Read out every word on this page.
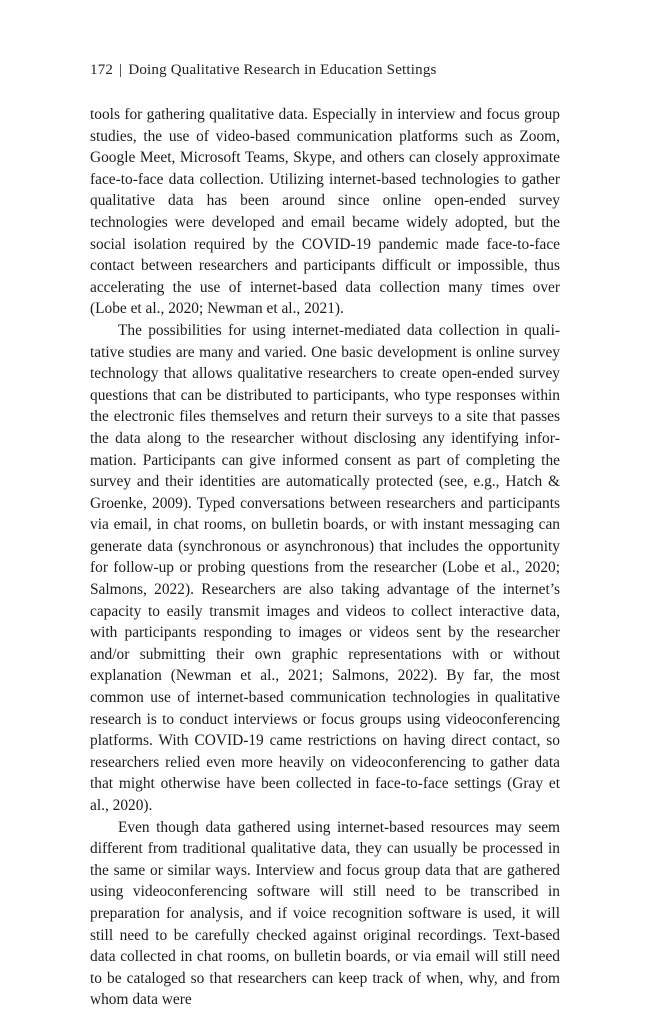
172 | Doing Qualitative Research in Education Settings

tools for gathering qualitative data. Especially in interview and focus group studies, the use of video-based communication platforms such as Zoom, Google Meet, Microsoft Teams, Skype, and others can closely approximate face-to-face data collection. Utilizing internet-based technologies to gather qualitative data has been around since online open-ended survey technologies were developed and email became widely adopted, but the social isolation required by the COVID-19 pandemic made face-to-face contact between researchers and participants difficult or impossible, thus accelerating the use of internet-based data collection many times over (Lobe et al., 2020; Newman et al., 2021).

The possibilities for using internet-mediated data collection in qualitative studies are many and varied. One basic development is online survey technology that allows qualitative researchers to create open-ended survey questions that can be distributed to participants, who type responses within the electronic files themselves and return their surveys to a site that passes the data along to the researcher without disclosing any identifying information. Participants can give informed consent as part of completing the survey and their identities are automatically protected (see, e.g., Hatch & Groenke, 2009). Typed conversations between researchers and participants via email, in chat rooms, on bulletin boards, or with instant messaging can generate data (synchronous or asynchronous) that includes the opportunity for follow-up or probing questions from the researcher (Lobe et al., 2020; Salmons, 2022). Researchers are also taking advantage of the internet’s capacity to easily transmit images and videos to collect interactive data, with participants responding to images or videos sent by the researcher and/or submitting their own graphic representations with or without explanation (Newman et al., 2021; Salmons, 2022). By far, the most common use of internet-based communication technologies in qualitative research is to conduct interviews or focus groups using videoconferencing platforms. With COVID-19 came restrictions on having direct contact, so researchers relied even more heavily on videoconferencing to gather data that might otherwise have been collected in face-to-face settings (Gray et al., 2020).

Even though data gathered using internet-based resources may seem different from traditional qualitative data, they can usually be processed in the same or similar ways. Interview and focus group data that are gathered using videoconferencing software will still need to be transcribed in preparation for analysis, and if voice recognition software is used, it will still need to be carefully checked against original recordings. Text-based data collected in chat rooms, on bulletin boards, or via email will still need to be cataloged so that researchers can keep track of when, why, and from whom data were
